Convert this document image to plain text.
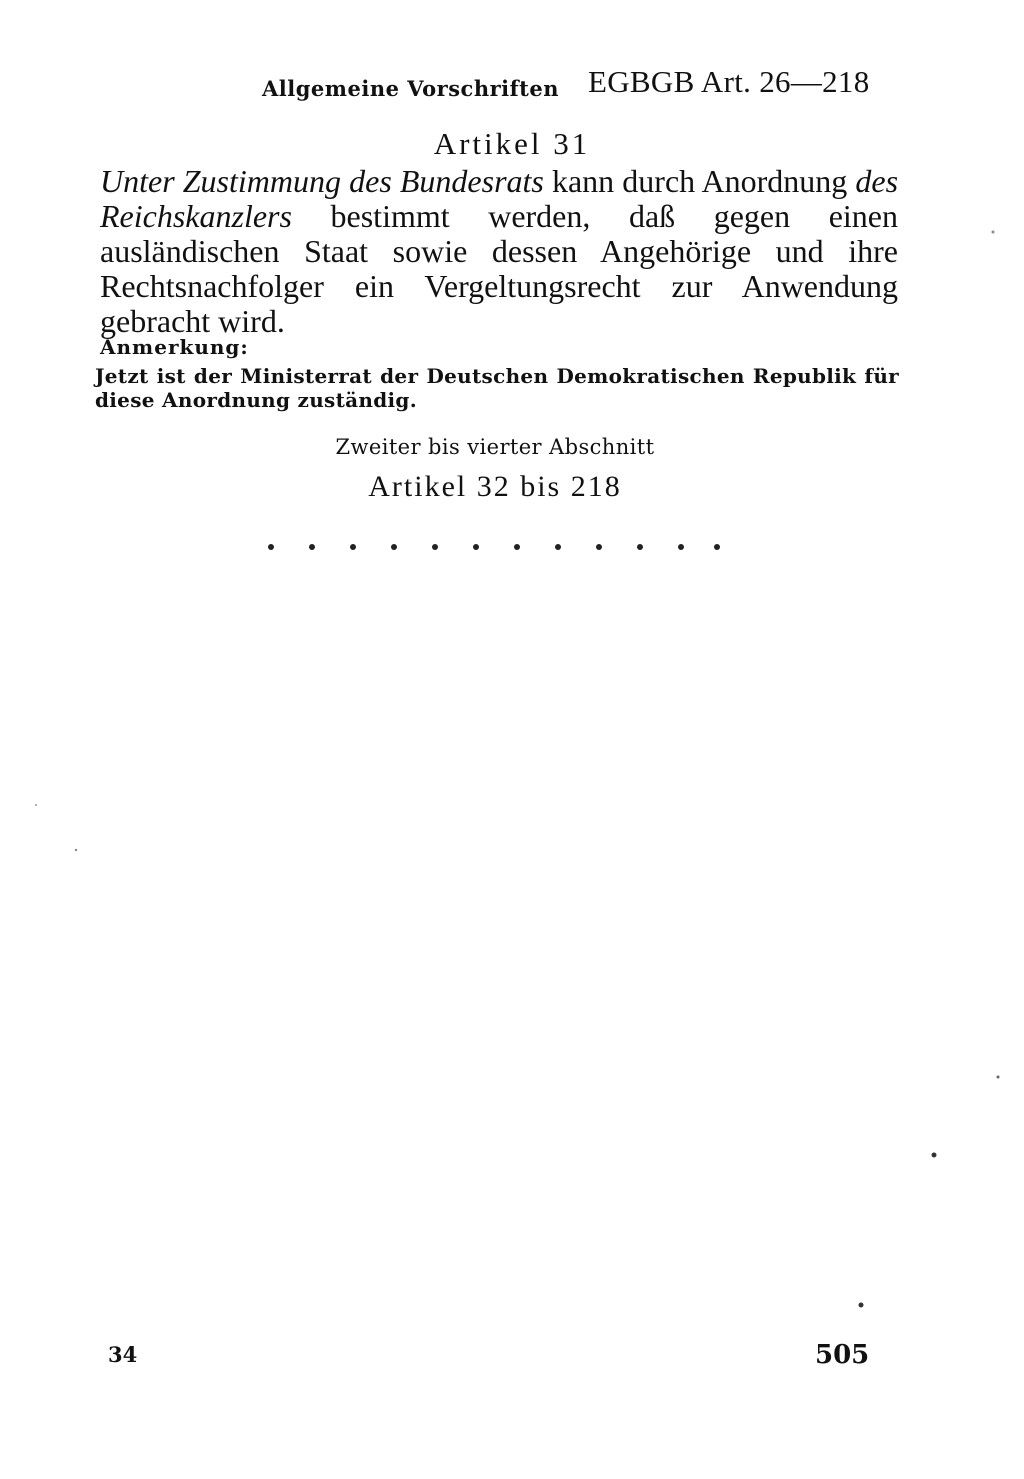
Allgemeine Vorschriften EGBGB Art. 26—218
Artikel 31
Unter Zustimmung des Bundesrats kann durch Anordnung des Reichskanzlers bestimmt werden, daß gegen einen ausländischen Staat sowie dessen Angehörige und ihre Rechtsnachfolger ein Vergeltungsrecht zur Anwendung gebracht wird.
Anmerkung:
Jetzt ist der Ministerrat der Deutschen Demokratischen Republik für diese Anordnung zuständig.
Zweiter bis vierter Abschnitt
Artikel 32 bis 218
34	505
